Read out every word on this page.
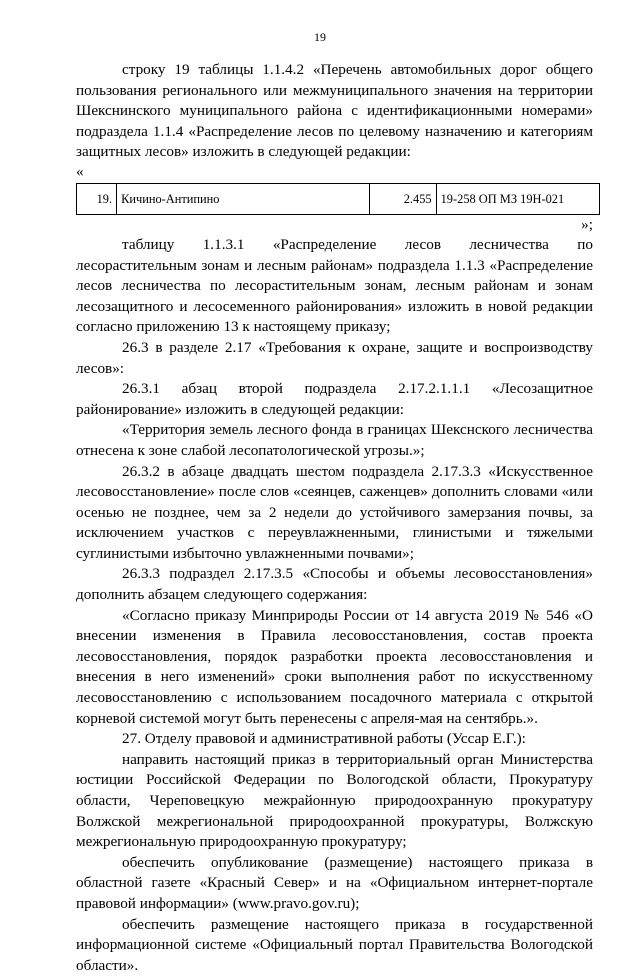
19

строку 19 таблицы 1.1.4.2 «Перечень автомобильных дорог общего пользования регионального или межмуниципального значения на территории Шекснинского муниципального района с идентификационными номерами» подраздела 1.1.4 «Распределение лесов по целевому назначению и категориям защитных лесов» изложить в следующей редакции:

«

19.	Кичино-Антипино	2.455	19-258 ОП МЗ 19Н-021

»;

таблицу 1.1.3.1 «Распределение лесов лесничества по лесорастительным зонам и лесным районам» подраздела 1.1.3 «Распределение лесов лесничества по лесорастительным зонам, лесным районам и зонам лесозащитного и лесосеменного районирования» изложить в новой редакции согласно приложению 13 к настоящему приказу;

26.3 в разделе 2.17 «Требования к охране, защите и воспроизводству лесов»:

26.3.1 абзац второй подраздела 2.17.2.1.1.1 «Лесозащитное районирование» изложить в следующей редакции:

«Территория земель лесного фонда в границах Шекснского лесничества отнесена к зоне слабой лесопатологической угрозы.»;

26.3.2 в абзаце двадцать шестом подраздела 2.17.3.3 «Искусственное лесовосстановление» после слов «сеянцев, саженцев» дополнить словами «или осенью не позднее, чем за 2 недели до устойчивого замерзания почвы, за исключением участков с переувлажненными, глинистыми и тяжелыми суглинистыми избыточно увлажненными почвами»;

26.3.3 подраздел 2.17.3.5 «Способы и объемы лесовосстановления» дополнить абзацем следующего содержания:

«Согласно приказу Минприроды России от 14 августа 2019 № 546 «О внесении изменения в Правила лесовосстановления, состав проекта лесовосстановления, порядок разработки проекта лесовосстановления и внесения в него изменений» сроки выполнения работ по искусственному лесовосстановлению с использованием посадочного материала с открытой корневой системой могут быть перенесены с апреля-мая на сентябрь.».

27. Отделу правовой и административной работы (Уссар Е.Г.):

направить настоящий приказ в территориальный орган Министерства юстиции Российской Федерации по Вологодской области, Прокуратуру области, Череповецкую межрайонную природоохранную прокуратуру Волжской межрегиональной природоохранной прокуратуры, Волжскую межрегиональную природоохранную прокуратуру;

обеспечить опубликование (размещение) настоящего приказа в областной газете «Красный Север» и на «Официальном интернет-портале правовой информации» (www.pravo.gov.ru);

обеспечить размещение настоящего приказа в государственной информационной системе «Официальный портал Правительства Вологодской области».
